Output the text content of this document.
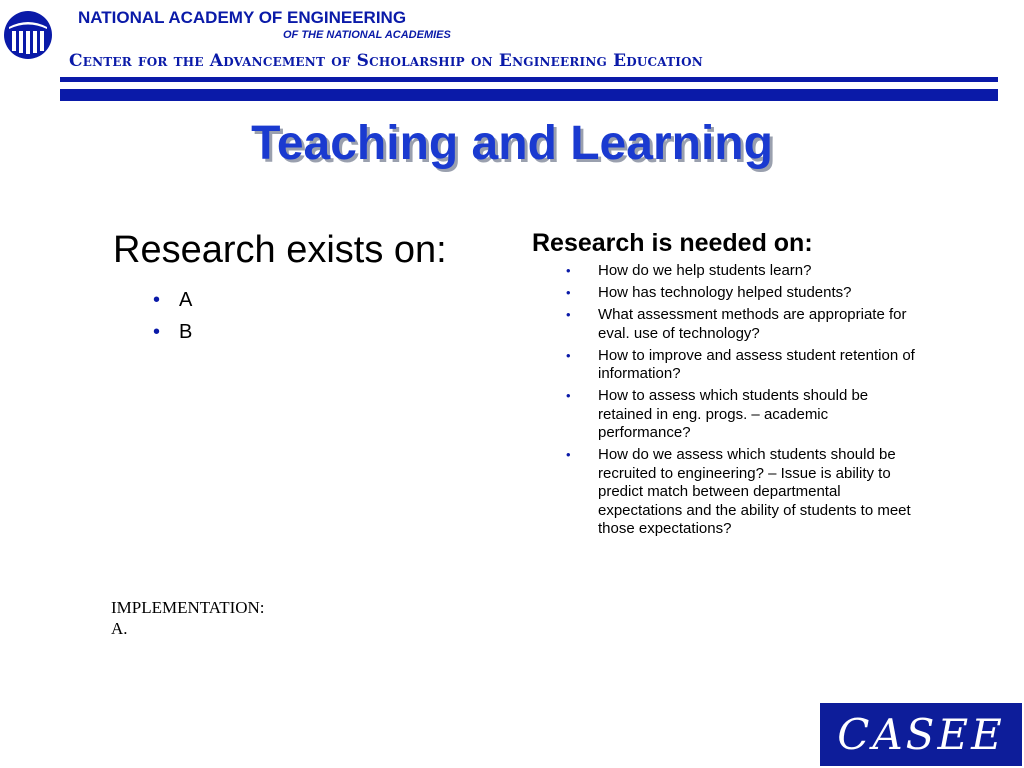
NATIONAL ACADEMY OF ENGINEERING
OF THE NATIONAL ACADEMIES
Center for the Advancement of Scholarship on Engineering Education
Teaching and Learning
Research exists on:
• A
• B
Research is needed on:
• How do we help students learn?
• How has technology helped students?
• What assessment methods are appropriate for eval. use of technology?
• How to improve and assess student retention of information?
• How to assess which students should be retained in eng. progs. – academic performance?
• How do we assess which students should be recruited to engineering? – Issue is ability to predict match between departmental expectations and the ability of students to meet those expectations?
IMPLEMENTATION:
A.
CASEE
